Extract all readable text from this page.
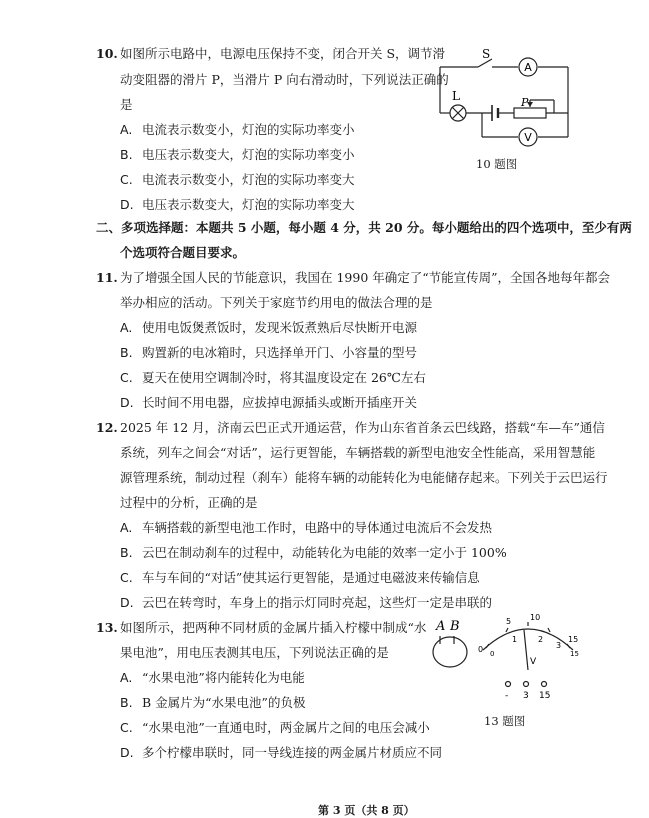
10. 如图所示电路中，电源电压保持不变，闭合开关 S，调节滑
动变阻器的滑片 P，当滑片 P 向右滑动时，下列说法正确的
是
A. 电流表示数变小，灯泡的实际功率变小
B. 电压表示数变大，灯泡的实际功率变小
C. 电流表示数变小，灯泡的实际功率变大
D. 电压表示数变大，灯泡的实际功率变大
S
A
L	P
V
10 题图
二、多项选择题：本题共 5 小题，每小题 4 分，共 20 分。每小题给出的四个选项中，至少有两
个选项符合题目要求。
11. 为了增强全国人民的节能意识，我国在 1990 年确定了“节能宣传周”，全国各地每年都会
举办相应的活动。下列关于家庭节约用电的做法合理的是
A. 使用电饭煲煮饭时，发现米饭煮熟后尽快断开电源
B. 购置新的电冰箱时，只选择单开门、小容量的型号
C. 夏天在使用空调制冷时，将其温度设定在 26℃左右
D. 长时间不用电器，应拔掉电源插头或断开插座开关
12. 2025 年 12 月，济南云巴正式开通运营，作为山东省首条云巴线路，搭载“车—车”通信
系统，列车之间会“对话”，运行更智能，车辆搭载的新型电池安全性能高，采用智慧能
源管理系统，制动过程（刹车）能将车辆的动能转化为电能储存起来。下列关于云巴运行
过程中的分析，正确的是
A. 车辆搭载的新型电池工作时，电路中的导体通过电流后不会发热
B. 云巴在制动刹车的过程中，动能转化为电能的效率一定小于 100%
C. 车与车间的“对话”使其运行更智能，是通过电磁波来传输信息
D. 云巴在转弯时，车身上的指示灯同时亮起，这些灯一定是串联的
13. 如图所示，把两种不同材质的金属片插入柠檬中制成“水
果电池”，用电压表测其电压，下列说法正确的是
A. “水果电池”将内能转化为电能
B. B 金属片为“水果电池”的负极
C. “水果电池”一直通电时，两金属片之间的电压会减小
D. 多个柠檬串联时，同一导线连接的两金属片材质应不同
A B	5 10
15
0
1	2
3
0	15
V
- 3 15
13 题图
第 3 页（共 8 页）
